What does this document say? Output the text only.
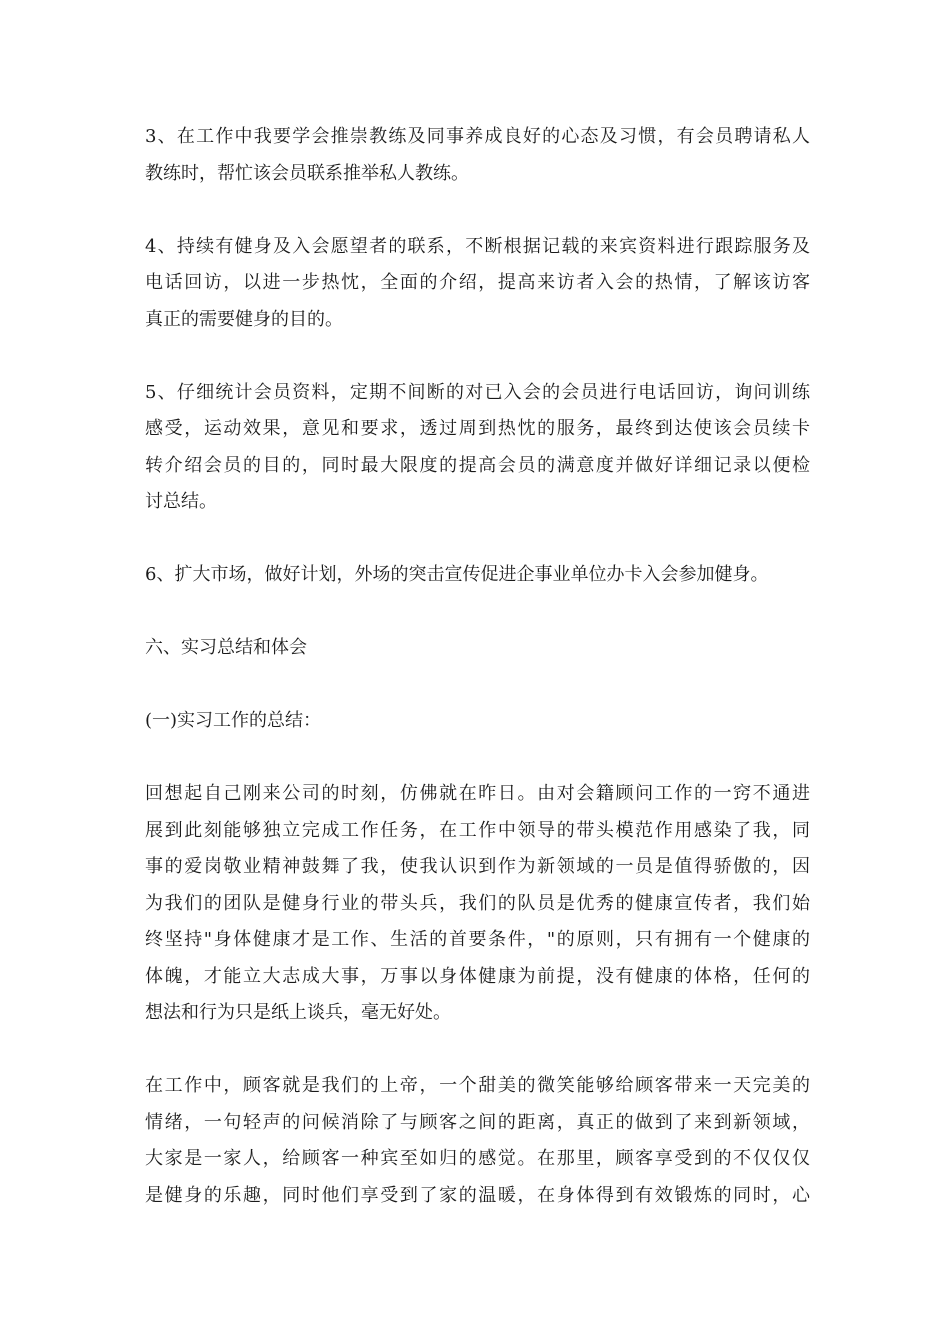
3、在工作中我要学会推崇教练及同事养成良好的心态及习惯，有会员聘请私人
教练时，帮忙该会员联系推举私人教练。

4、持续有健身及入会愿望者的联系，不断根据记载的来宾资料进行跟踪服务及
电话回访，以进一步热忱，全面的介绍，提高来访者入会的热情，了解该访客
真正的需要健身的目的。

5、仔细统计会员资料，定期不间断的对已入会的会员进行电话回访，询问训练
感受，运动效果，意见和要求，透过周到热忱的服务，最终到达使该会员续卡
转介绍会员的目的，同时最大限度的提高会员的满意度并做好详细记录以便检
讨总结。

6、扩大市场，做好计划，外场的突击宣传促进企事业单位办卡入会参加健身。

六、实习总结和体会

(一)实习工作的总结：

回想起自己刚来公司的时刻，仿佛就在昨日。由对会籍顾问工作的一窍不通进
展到此刻能够独立完成工作任务，在工作中领导的带头模范作用感染了我，同
事的爱岗敬业精神鼓舞了我，使我认识到作为新领域的一员是值得骄傲的，因
为我们的团队是健身行业的带头兵，我们的队员是优秀的健康宣传者，我们始
终坚持"身体健康才是工作、生活的首要条件，"的原则，只有拥有一个健康的
体魄，才能立大志成大事，万事以身体健康为前提，没有健康的体格，任何的
想法和行为只是纸上谈兵，毫无好处。

在工作中，顾客就是我们的上帝，一个甜美的微笑能够给顾客带来一天完美的
情绪，一句轻声的问候消除了与顾客之间的距离，真正的做到了来到新领域，
大家是一家人，给顾客一种宾至如归的感觉。在那里，顾客享受到的不仅仅仅
是健身的乐趣，同时他们享受到了家的温暖，在身体得到有效锻炼的同时，心
